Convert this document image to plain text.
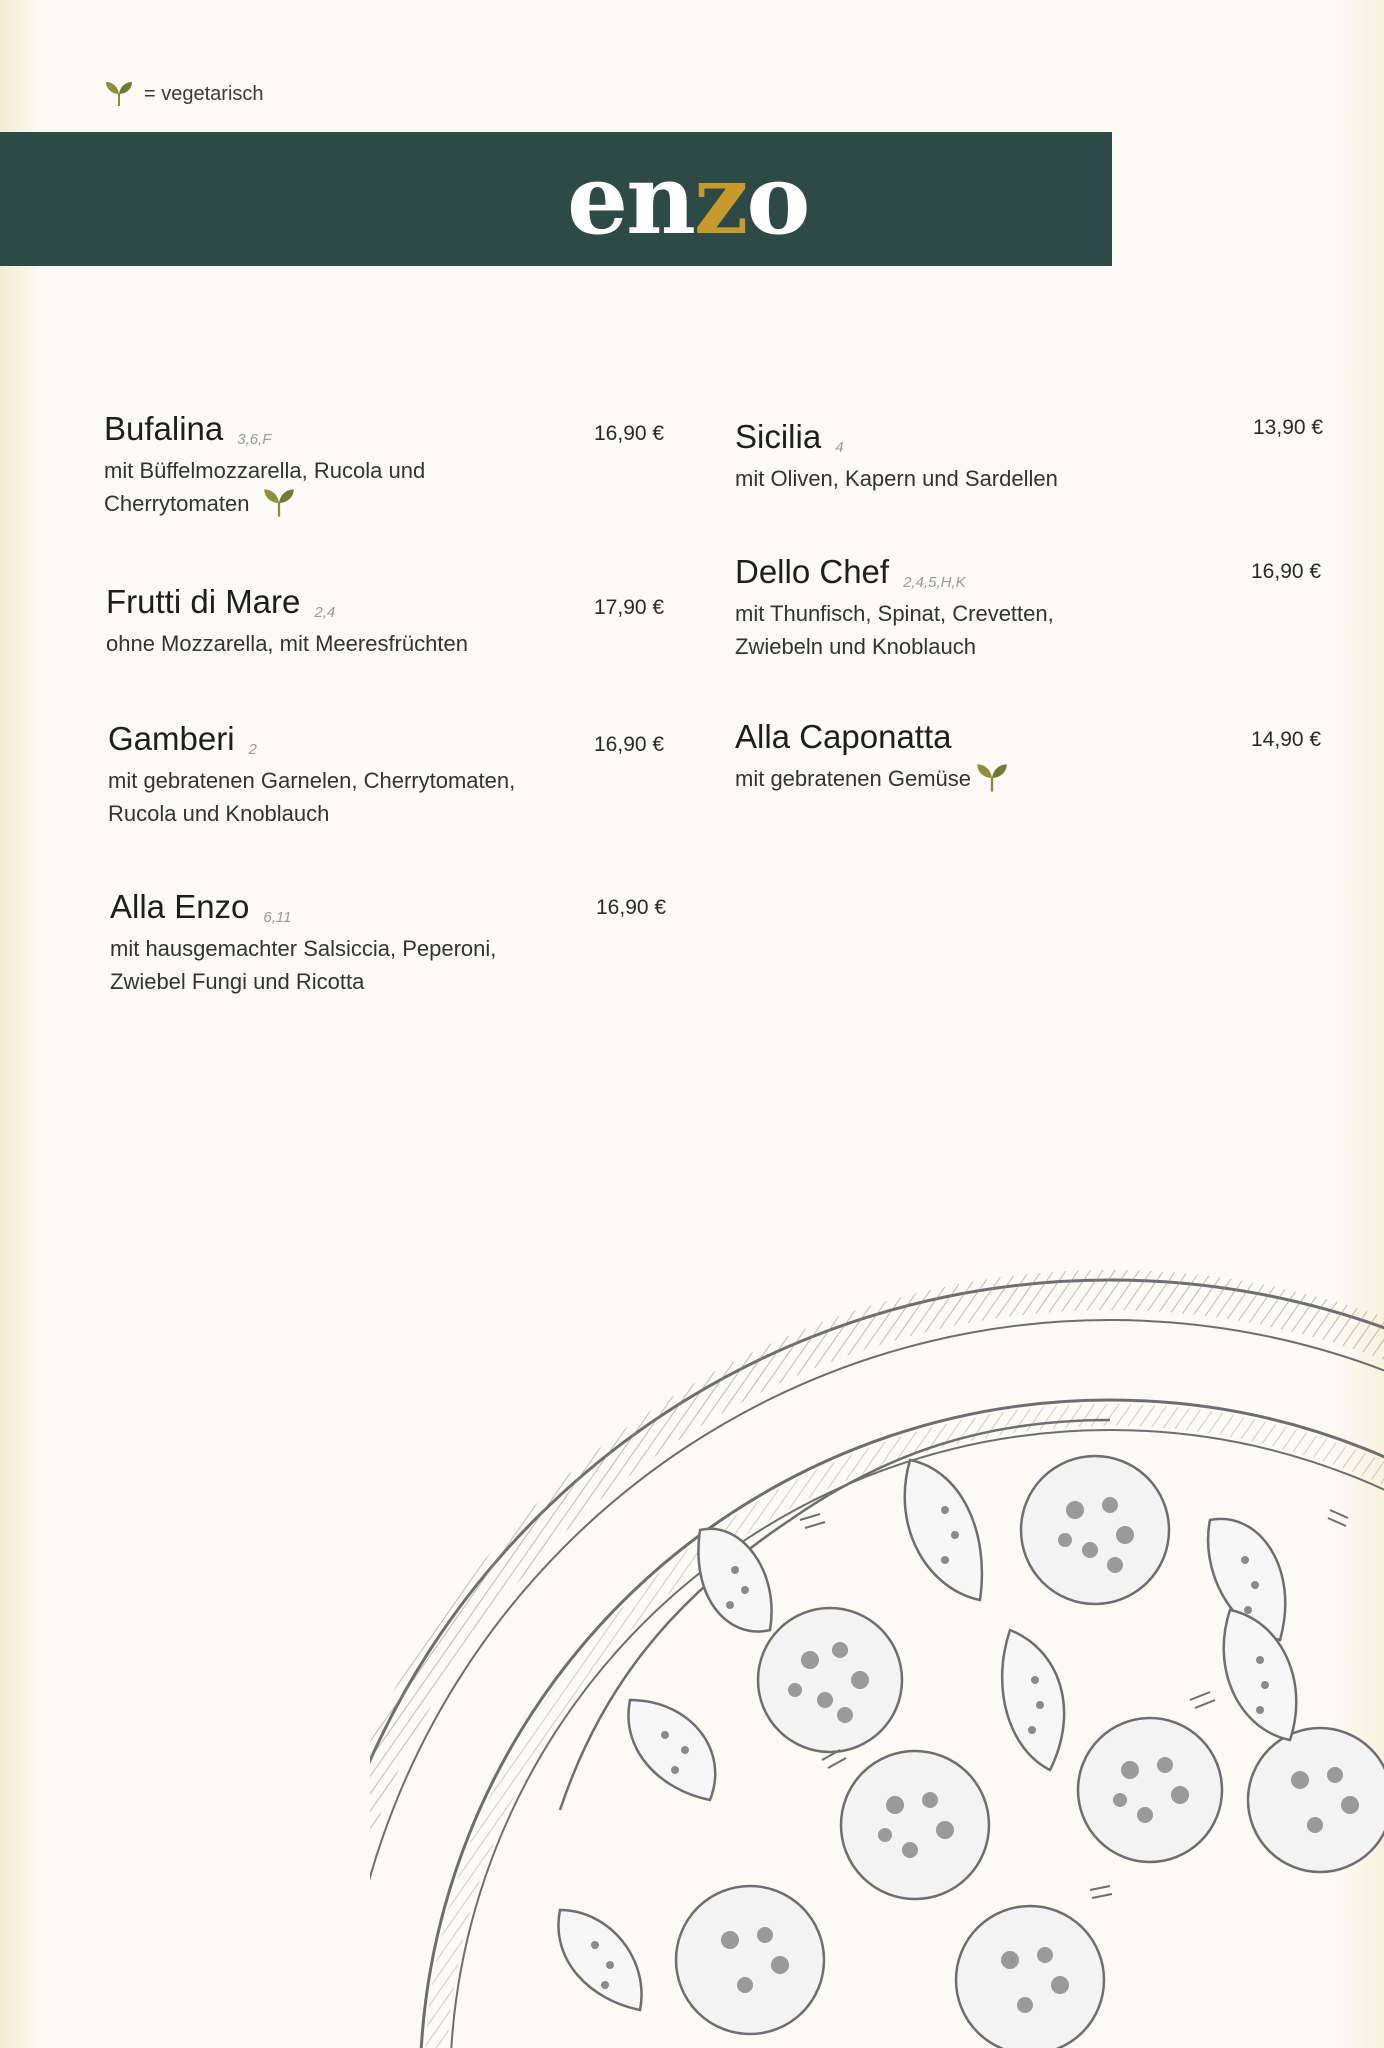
= vegetarisch
enzo
Bufalina 3,6,F
mit Büffelmozzarella, Rucola und
Cherrytomaten
16,90 €
Frutti di Mare 2,4
ohne Mozzarella, mit Meeresfrüchten
17,90 €
Gamberi 2
mit gebratenen Garnelen, Cherrytomaten,
Rucola und Knoblauch
16,90 €
Alla Enzo 6,11
mit hausgemachter Salsiccia, Peperoni,
Zwiebel Fungi und Ricotta
16,90 €
Sicilia 4
mit Oliven, Kapern und Sardellen
13,90 €
Dello Chef 2,4,5,H,K
mit Thunfisch, Spinat, Crevetten,
Zwiebeln und Knoblauch
16,90 €
Alla Caponatta
mit gebratenen Gemüse
14,90 €
